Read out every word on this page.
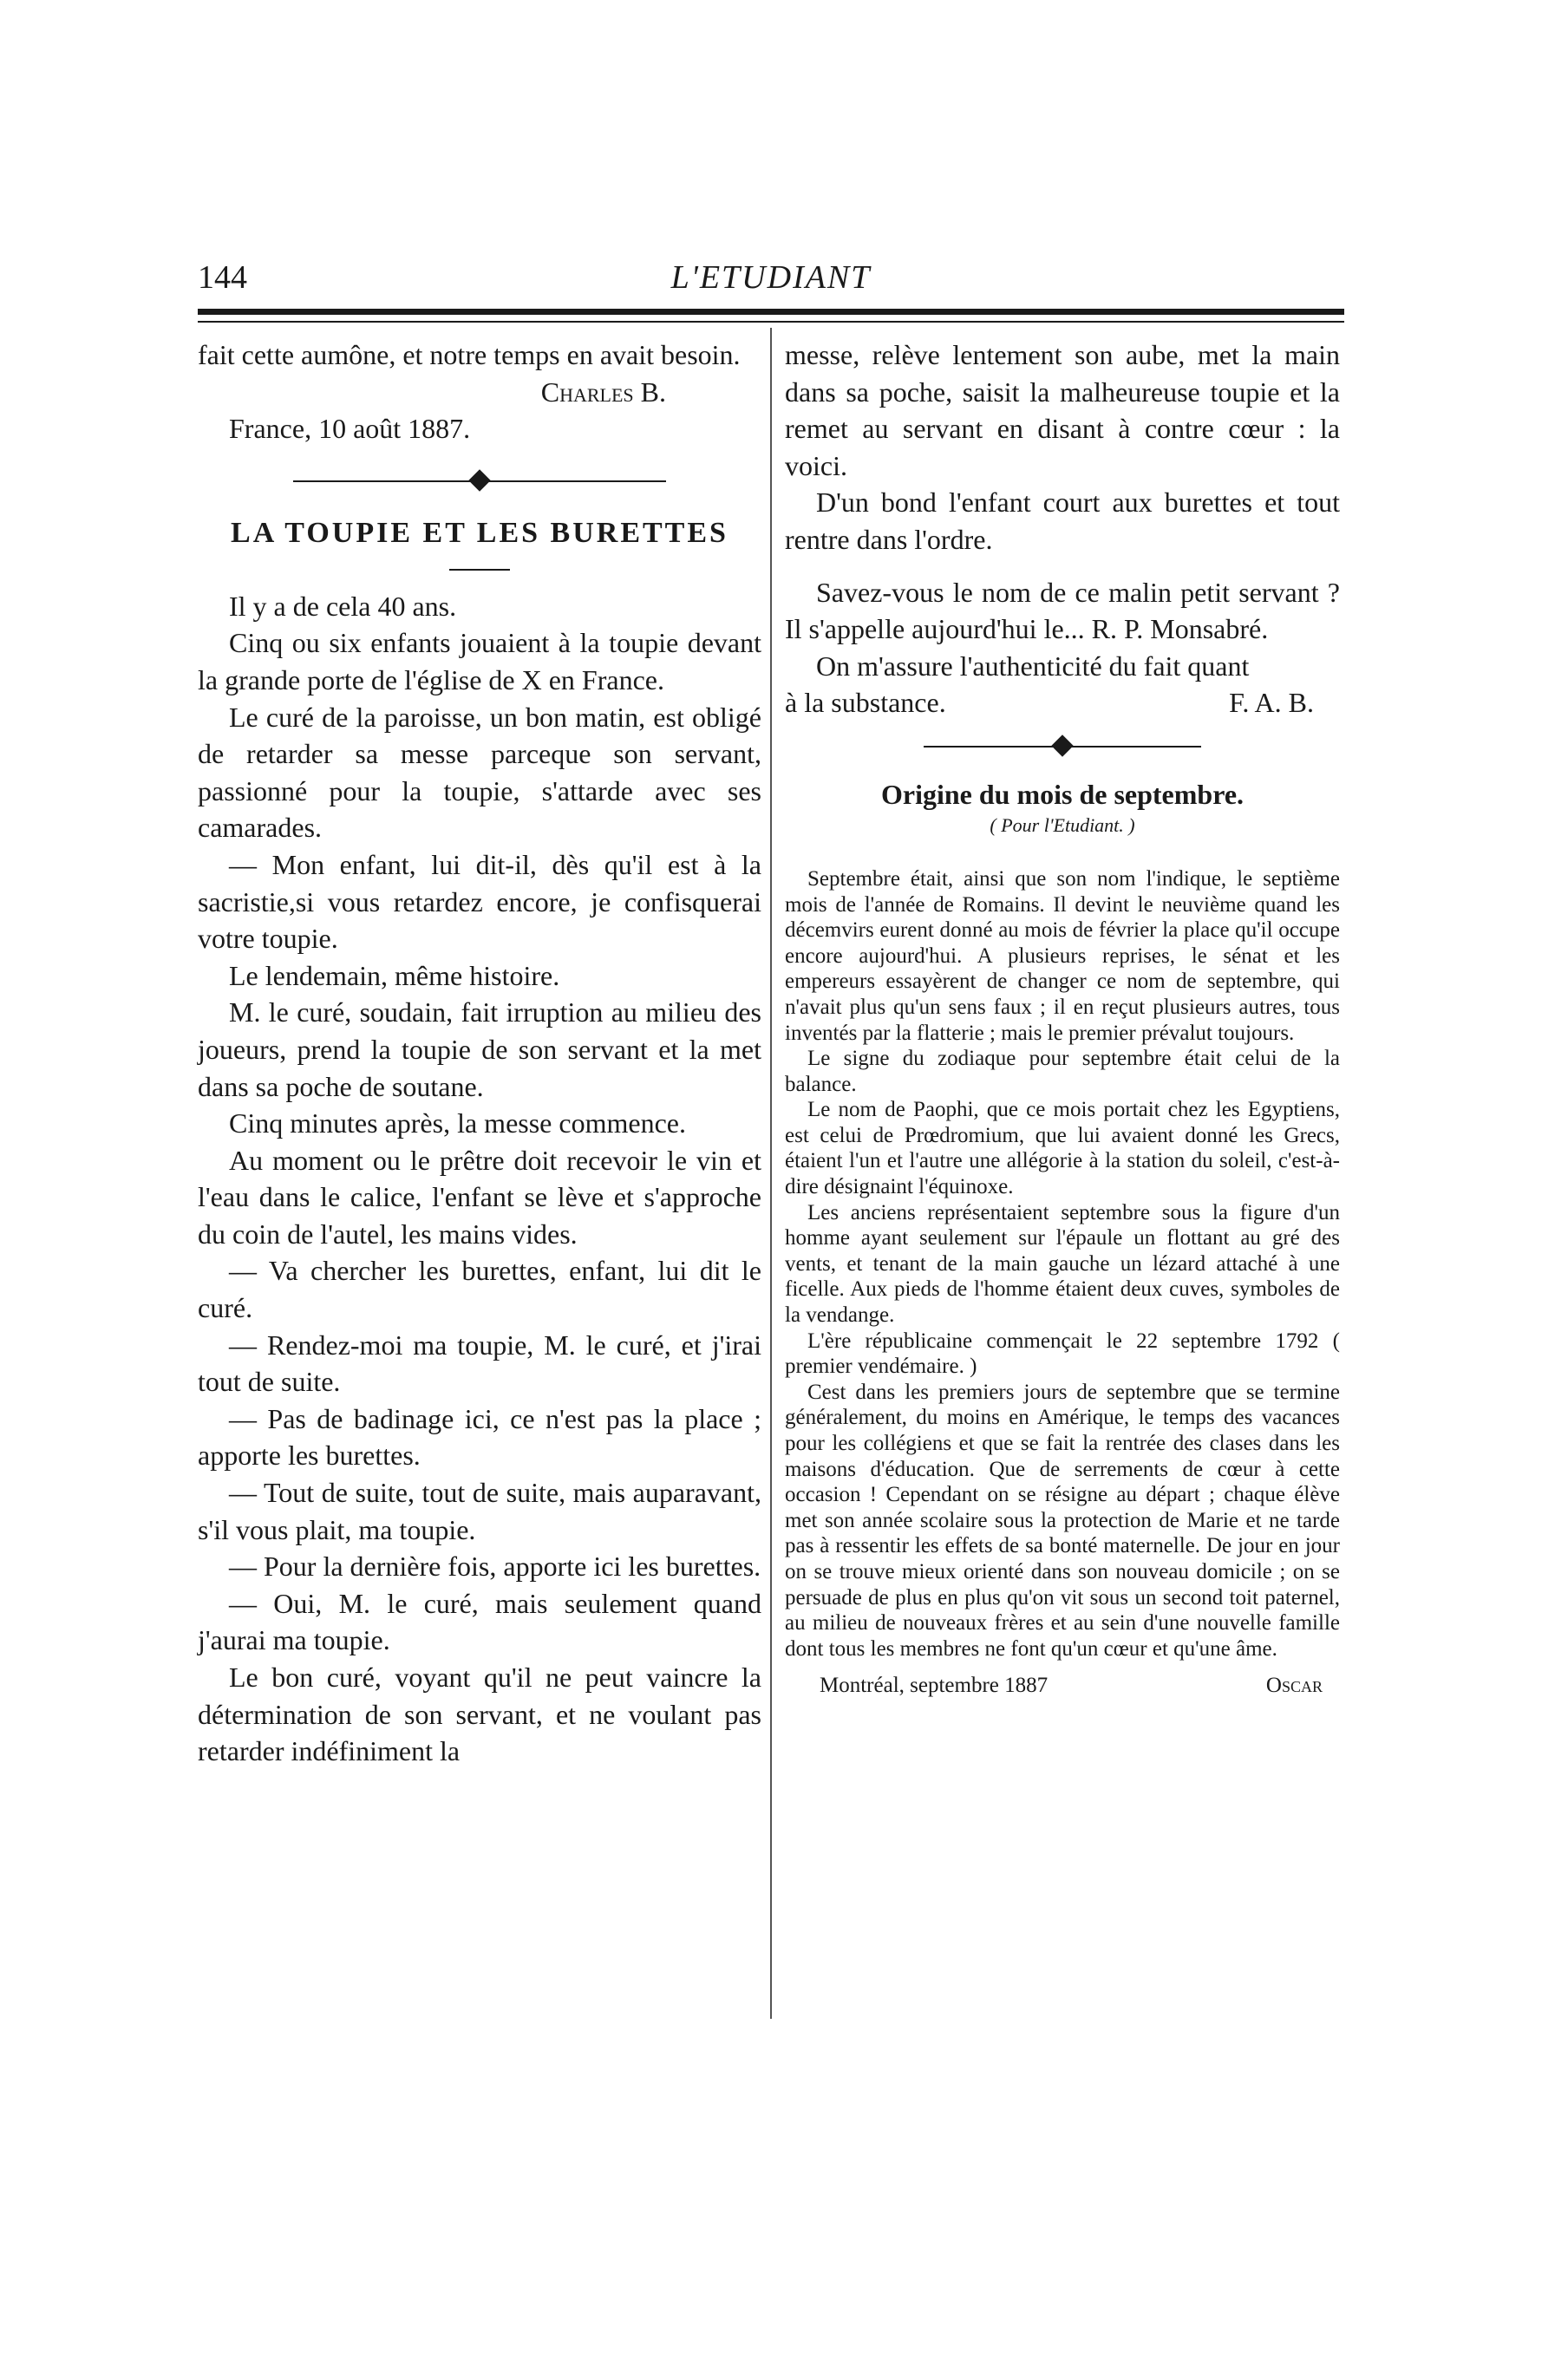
144	L'ETUDIANT

fait cette aumône, et notre temps en avait besoin.

Charles B.

France, 10 août 1887.

LA TOUPIE ET LES BURETTES

Il y a de cela 40 ans.

Cinq ou six enfants jouaient à la toupie devant la grande porte de l'église de X en France.

Le curé de la paroisse, un bon matin, est obligé de retarder sa messe parceque son servant, passionné pour la toupie, s'attarde avec ses camarades.

— Mon enfant, lui dit-il, dès qu'il est à la sacristie,si vous retardez encore, je confisquerai votre toupie.

Le lendemain, même histoire.

M. le curé, soudain, fait irruption au milieu des joueurs, prend la toupie de son servant et la met dans sa poche de soutane.

Cinq minutes après, la messe commence.

Au moment ou le prêtre doit recevoir le vin et l'eau dans le calice, l'enfant se lève et s'approche du coin de l'autel, les mains vides.

— Va chercher les burettes, enfant, lui dit le curé.

— Rendez-moi ma toupie, M. le curé, et j'irai tout de suite.

— Pas de badinage ici, ce n'est pas la place ; apporte les burettes.

— Tout de suite, tout de suite, mais auparavant, s'il vous plait, ma toupie.

— Pour la dernière fois, apporte ici les burettes.

— Oui, M. le curé, mais seulement quand j'aurai ma toupie.

Le bon curé, voyant qu'il ne peut vaincre la détermination de son servant, et ne voulant pas retarder indéfiniment la

messe, relève lentement son aube, met la main dans sa poche, saisit la malheureuse toupie et la remet au servant en disant à contre cœur : la voici.

D'un bond l'enfant court aux burettes et tout rentre dans l'ordre.

Savez-vous le nom de ce malin petit servant ? Il s'appelle aujourd'hui le... R. P. Monsabré.

On m'assure l'authenticité du fait quant

à la substance.	F. A. B.

Origine du mois de septembre.

( Pour l'Etudiant. )

Septembre était, ainsi que son nom l'indique, le septième mois de l'année de Romains. Il devint le neuvième quand les décemvirs eurent donné au mois de février la place qu'il occupe encore aujourd'hui. A plusieurs reprises, le sénat et les empereurs essayèrent de changer ce nom de septembre, qui n'avait plus qu'un sens faux ; il en reçut plusieurs autres, tous inventés par la flatterie ; mais le premier prévalut toujours.

Le signe du zodiaque pour septembre était celui de la balance.

Le nom de Paophi, que ce mois portait chez les Egyptiens, est celui de Prœdromium, que lui avaient donné les Grecs, étaient l'un et l'autre une allégorie à la station du soleil, c'est-à-dire désignaint l'équinoxe.

Les anciens représentaient septembre sous la figure d'un homme ayant seulement sur l'épaule un flottant au gré des vents, et tenant de la main gauche un lézard attaché à une ficelle. Aux pieds de l'homme étaient deux cuves, symboles de la vendange.

L'ère républicaine commençait le 22 septembre 1792 ( premier vendémaire. )

Cest dans les premiers jours de septembre que se termine généralement, du moins en Amérique, le temps des vacances pour les collégiens et que se fait la rentrée des clases dans les maisons d'éducation. Que de serrements de cœur à cette occasion ! Cependant on se résigne au départ ; chaque élève met son année scolaire sous la protection de Marie et ne tarde pas à ressentir les effets de sa bonté maternelle. De jour en jour on se trouve mieux orienté dans son nouveau domicile ; on se persuade de plus en plus qu'on vit sous un second toit paternel, au milieu de nouveaux frères et au sein d'une nouvelle famille dont tous les membres ne font qu'un cœur et qu'une âme.

Montréal, septembre 1887	Oscar
